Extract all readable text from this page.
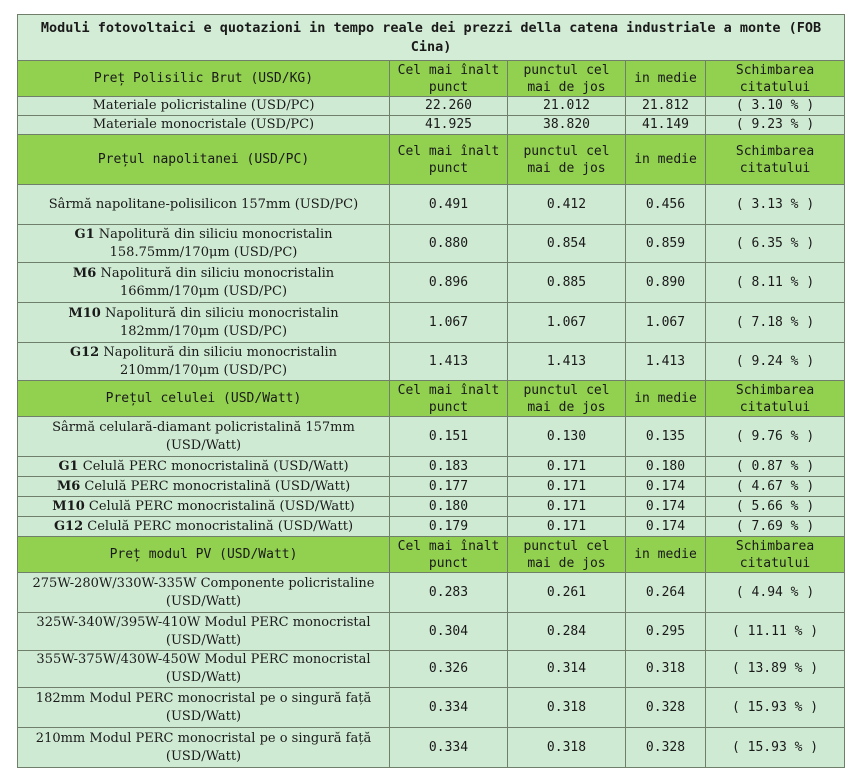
Moduli fotovoltaici e quotazioni in tempo reale dei prezzi della catena industriale a monte (FOB Cina)				
Preț Polisilic Brut (USD/KG)	Cel mai înalt punct	punctul cel mai de jos	in medie	Schimbarea citatului
Materiale policristaline (USD/PC)	22.260	21.012	21.812	( 3.10 % )
Materiale monocristale (USD/PC)	41.925	38.820	41.149	( 9.23 % )
Prețul napolitanei (USD/PC)	Cel mai înalt punct	punctul cel mai de jos	in medie	Schimbarea citatului
Sârmă napolitane-polisilicon 157mm (USD/PC)	0.491	0.412	0.456	( 3.13 % )
G1 Napolitură din siliciu monocristalin 158.75mm/170μm (USD/PC)	0.880	0.854	0.859	( 6.35 % )
M6 Napolitură din siliciu monocristalin 166mm/170μm (USD/PC)	0.896	0.885	0.890	( 8.11 % )
M10 Napolitură din siliciu monocristalin 182mm/170μm (USD/PC)	1.067	1.067	1.067	( 7.18 % )
G12 Napolitură din siliciu monocristalin 210mm/170μm (USD/PC)	1.413	1.413	1.413	( 9.24 % )
Prețul celulei (USD/Watt)	Cel mai înalt punct	punctul cel mai de jos	in medie	Schimbarea citatului
Sârmă celulară-diamant policristalină 157mm (USD/Watt)	0.151	0.130	0.135	( 9.76 % )
G1 Celulă PERC monocristalină (USD/Watt)	0.183	0.171	0.180	( 0.87 % )
M6 Celulă PERC monocristalină (USD/Watt)	0.177	0.171	0.174	( 4.67 % )
M10 Celulă PERC monocristalină (USD/Watt)	0.180	0.171	0.174	( 5.66 % )
G12 Celulă PERC monocristalină (USD/Watt)	0.179	0.171	0.174	( 7.69 % )
Preț modul PV (USD/Watt)	Cel mai înalt punct	punctul cel mai de jos	in medie	Schimbarea citatului
275W-280W/330W-335W Componente policristaline (USD/Watt)	0.283	0.261	0.264	( 4.94 % )
325W-340W/395W-410W Modul PERC monocristal (USD/Watt)	0.304	0.284	0.295	( 11.11 % )
355W-375W/430W-450W Modul PERC monocristal (USD/Watt)	0.326	0.314	0.318	( 13.89 % )
182mm Modul PERC monocristal pe o singură față (USD/Watt)	0.334	0.318	0.328	( 15.93 % )
210mm Modul PERC monocristal pe o singură față (USD/Watt)	0.334	0.318	0.328	( 15.93 % )
